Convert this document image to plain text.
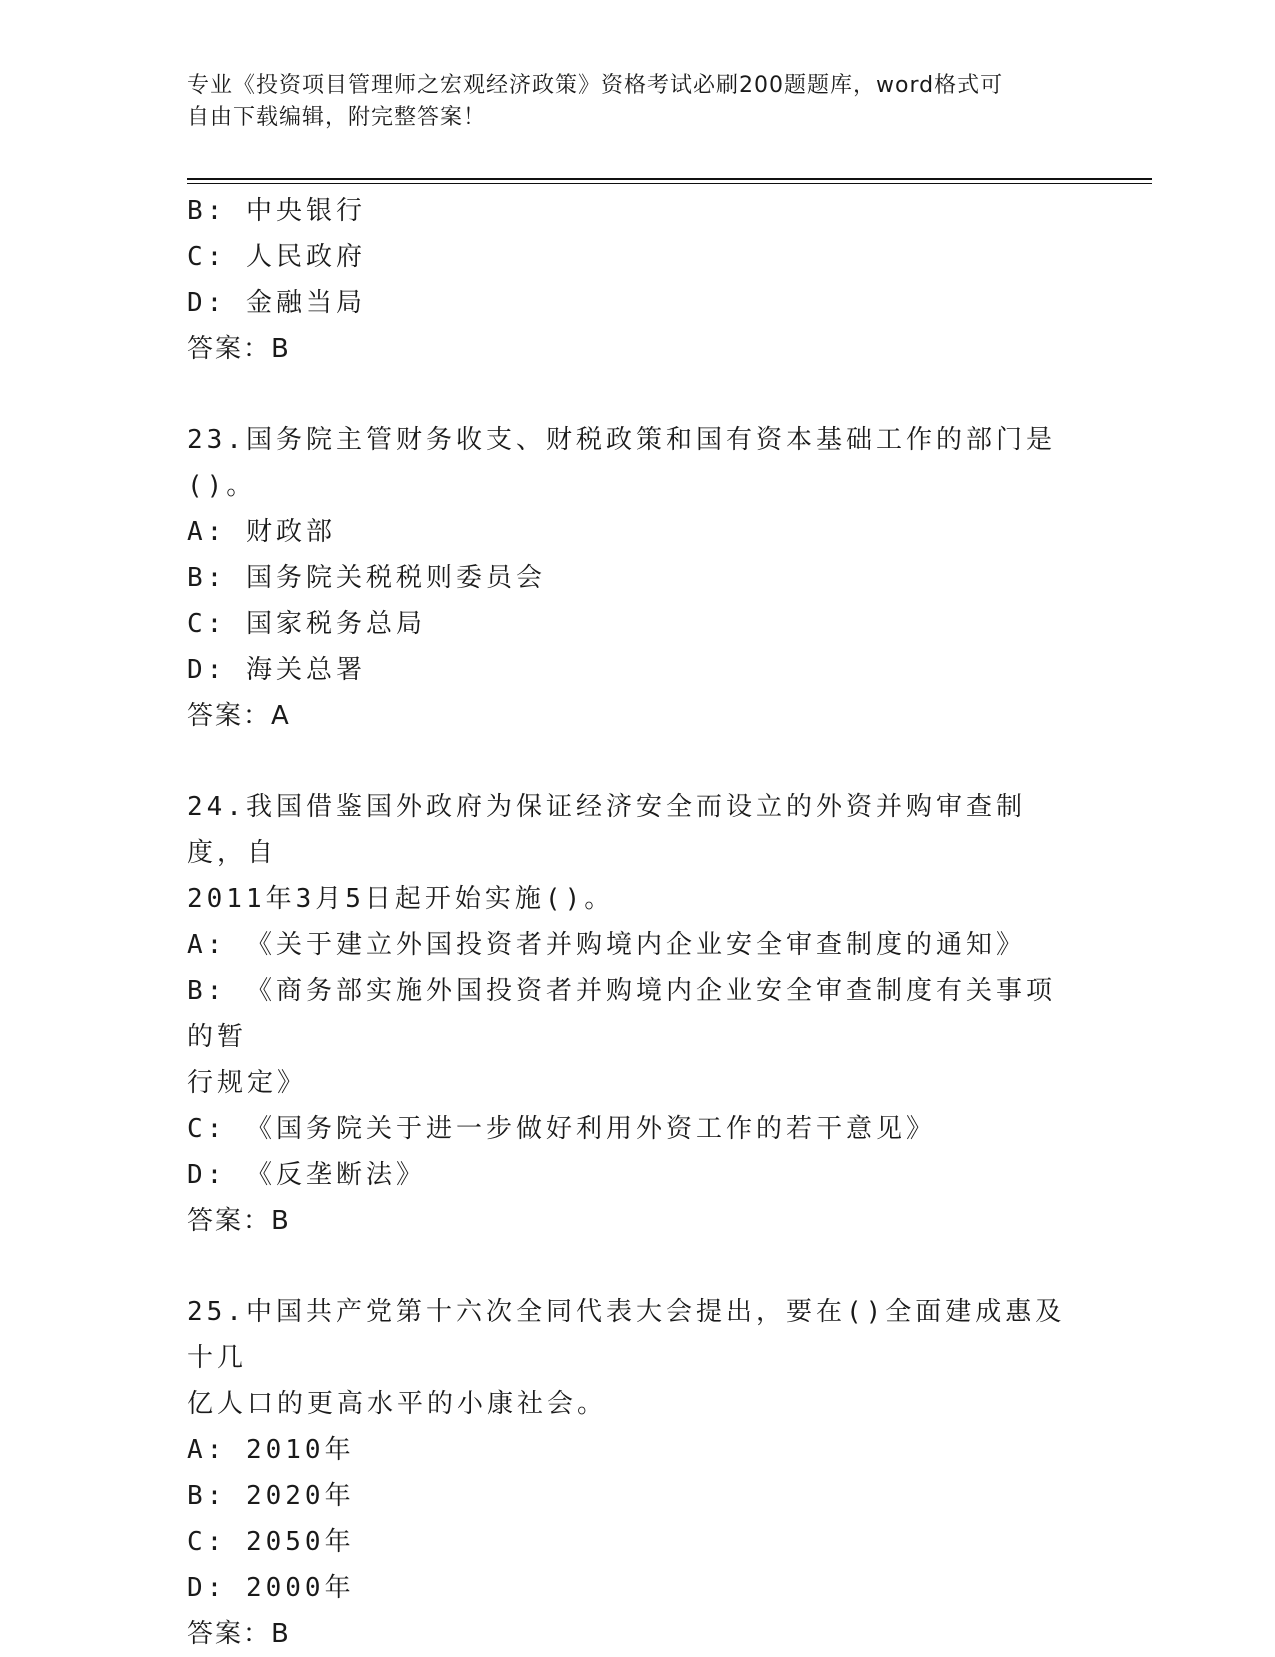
专业《投资项目管理师之宏观经济政策》资格考试必刷200题题库，word格式可
自由下载编辑，附完整答案！
B: 中央银行
C: 人民政府
D: 金融当局
答案：B
23.国务院主管财务收支、财税政策和国有资本基础工作的部门是()。
A: 财政部
B: 国务院关税税则委员会
C: 国家税务总局
D: 海关总署
答案：A
24.我国借鉴国外政府为保证经济安全而设立的外资并购审查制度，自
2011年3月5日起开始实施()。
A: 《关于建立外国投资者并购境内企业安全审查制度的通知》
B: 《商务部实施外国投资者并购境内企业安全审查制度有关事项的暂
行规定》
C: 《国务院关于进一步做好利用外资工作的若干意见》
D: 《反垄断法》
答案：B
25.中国共产党第十六次全同代表大会提出，要在()全面建成惠及十几
亿人口的更高水平的小康社会。
A: 2010年
B: 2020年
C: 2050年
D: 2000年
答案：B
